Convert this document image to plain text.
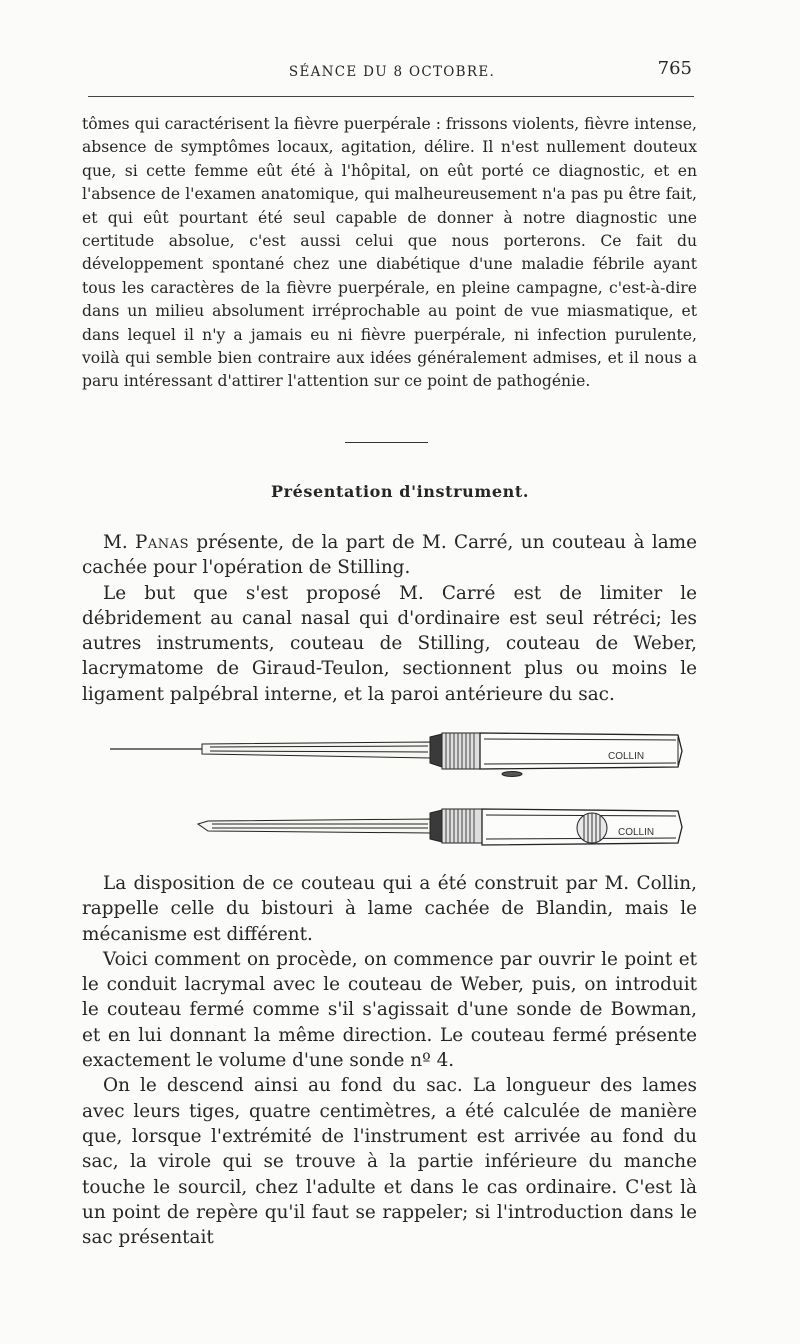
SÉANCE DU 8 OCTOBRE.	765

tômes qui caractérisent la fièvre puerpérale : frissons violents, fièvre intense, absence de symptômes locaux, agitation, délire. Il n'est nullement douteux que, si cette femme eût été à l'hôpital, on eût porté ce diagnostic, et en l'absence de l'examen anatomique, qui malheureusement n'a pas pu être fait, et qui eût pourtant été seul capable de donner à notre diagnostic une certitude absolue, c'est aussi celui que nous porterons. Ce fait du développement spontané chez une diabétique d'une maladie fébrile ayant tous les caractères de la fièvre puerpérale, en pleine campagne, c'est-à-dire dans un milieu absolument irréprochable au point de vue miasmatique, et dans lequel il n'y a jamais eu ni fièvre puerpérale, ni infection purulente, voilà qui semble bien contraire aux idées généralement admises, et il nous a paru intéressant d'attirer l'attention sur ce point de pathogénie.

Présentation d'instrument.

M. Panas présente, de la part de M. Carré, un couteau à lame cachée pour l'opération de Stilling.

Le but que s'est proposé M. Carré est de limiter le débridement au canal nasal qui d'ordinaire est seul rétréci; les autres instruments, couteau de Stilling, couteau de Weber, lacrymatome de Giraud-Teulon, sectionnent plus ou moins le ligament palpébral interne, et la paroi antérieure du sac.

COLLIN
COLLIN

La disposition de ce couteau qui a été construit par M. Collin, rappelle celle du bistouri à lame cachée de Blandin, mais le mécanisme est différent.

Voici comment on procède, on commence par ouvrir le point et le conduit lacrymal avec le couteau de Weber, puis, on introduit le couteau fermé comme s'il s'agissait d'une sonde de Bowman, et en lui donnant la même direction. Le couteau fermé présente exactement le volume d'une sonde nº 4.

On le descend ainsi au fond du sac. La longueur des lames avec leurs tiges, quatre centimètres, a été calculée de manière que, lorsque l'extrémité de l'instrument est arrivée au fond du sac, la virole qui se trouve à la partie inférieure du manche touche le sourcil, chez l'adulte et dans le cas ordinaire. C'est là un point de repère qu'il faut se rappeler; si l'introduction dans le sac présentait
